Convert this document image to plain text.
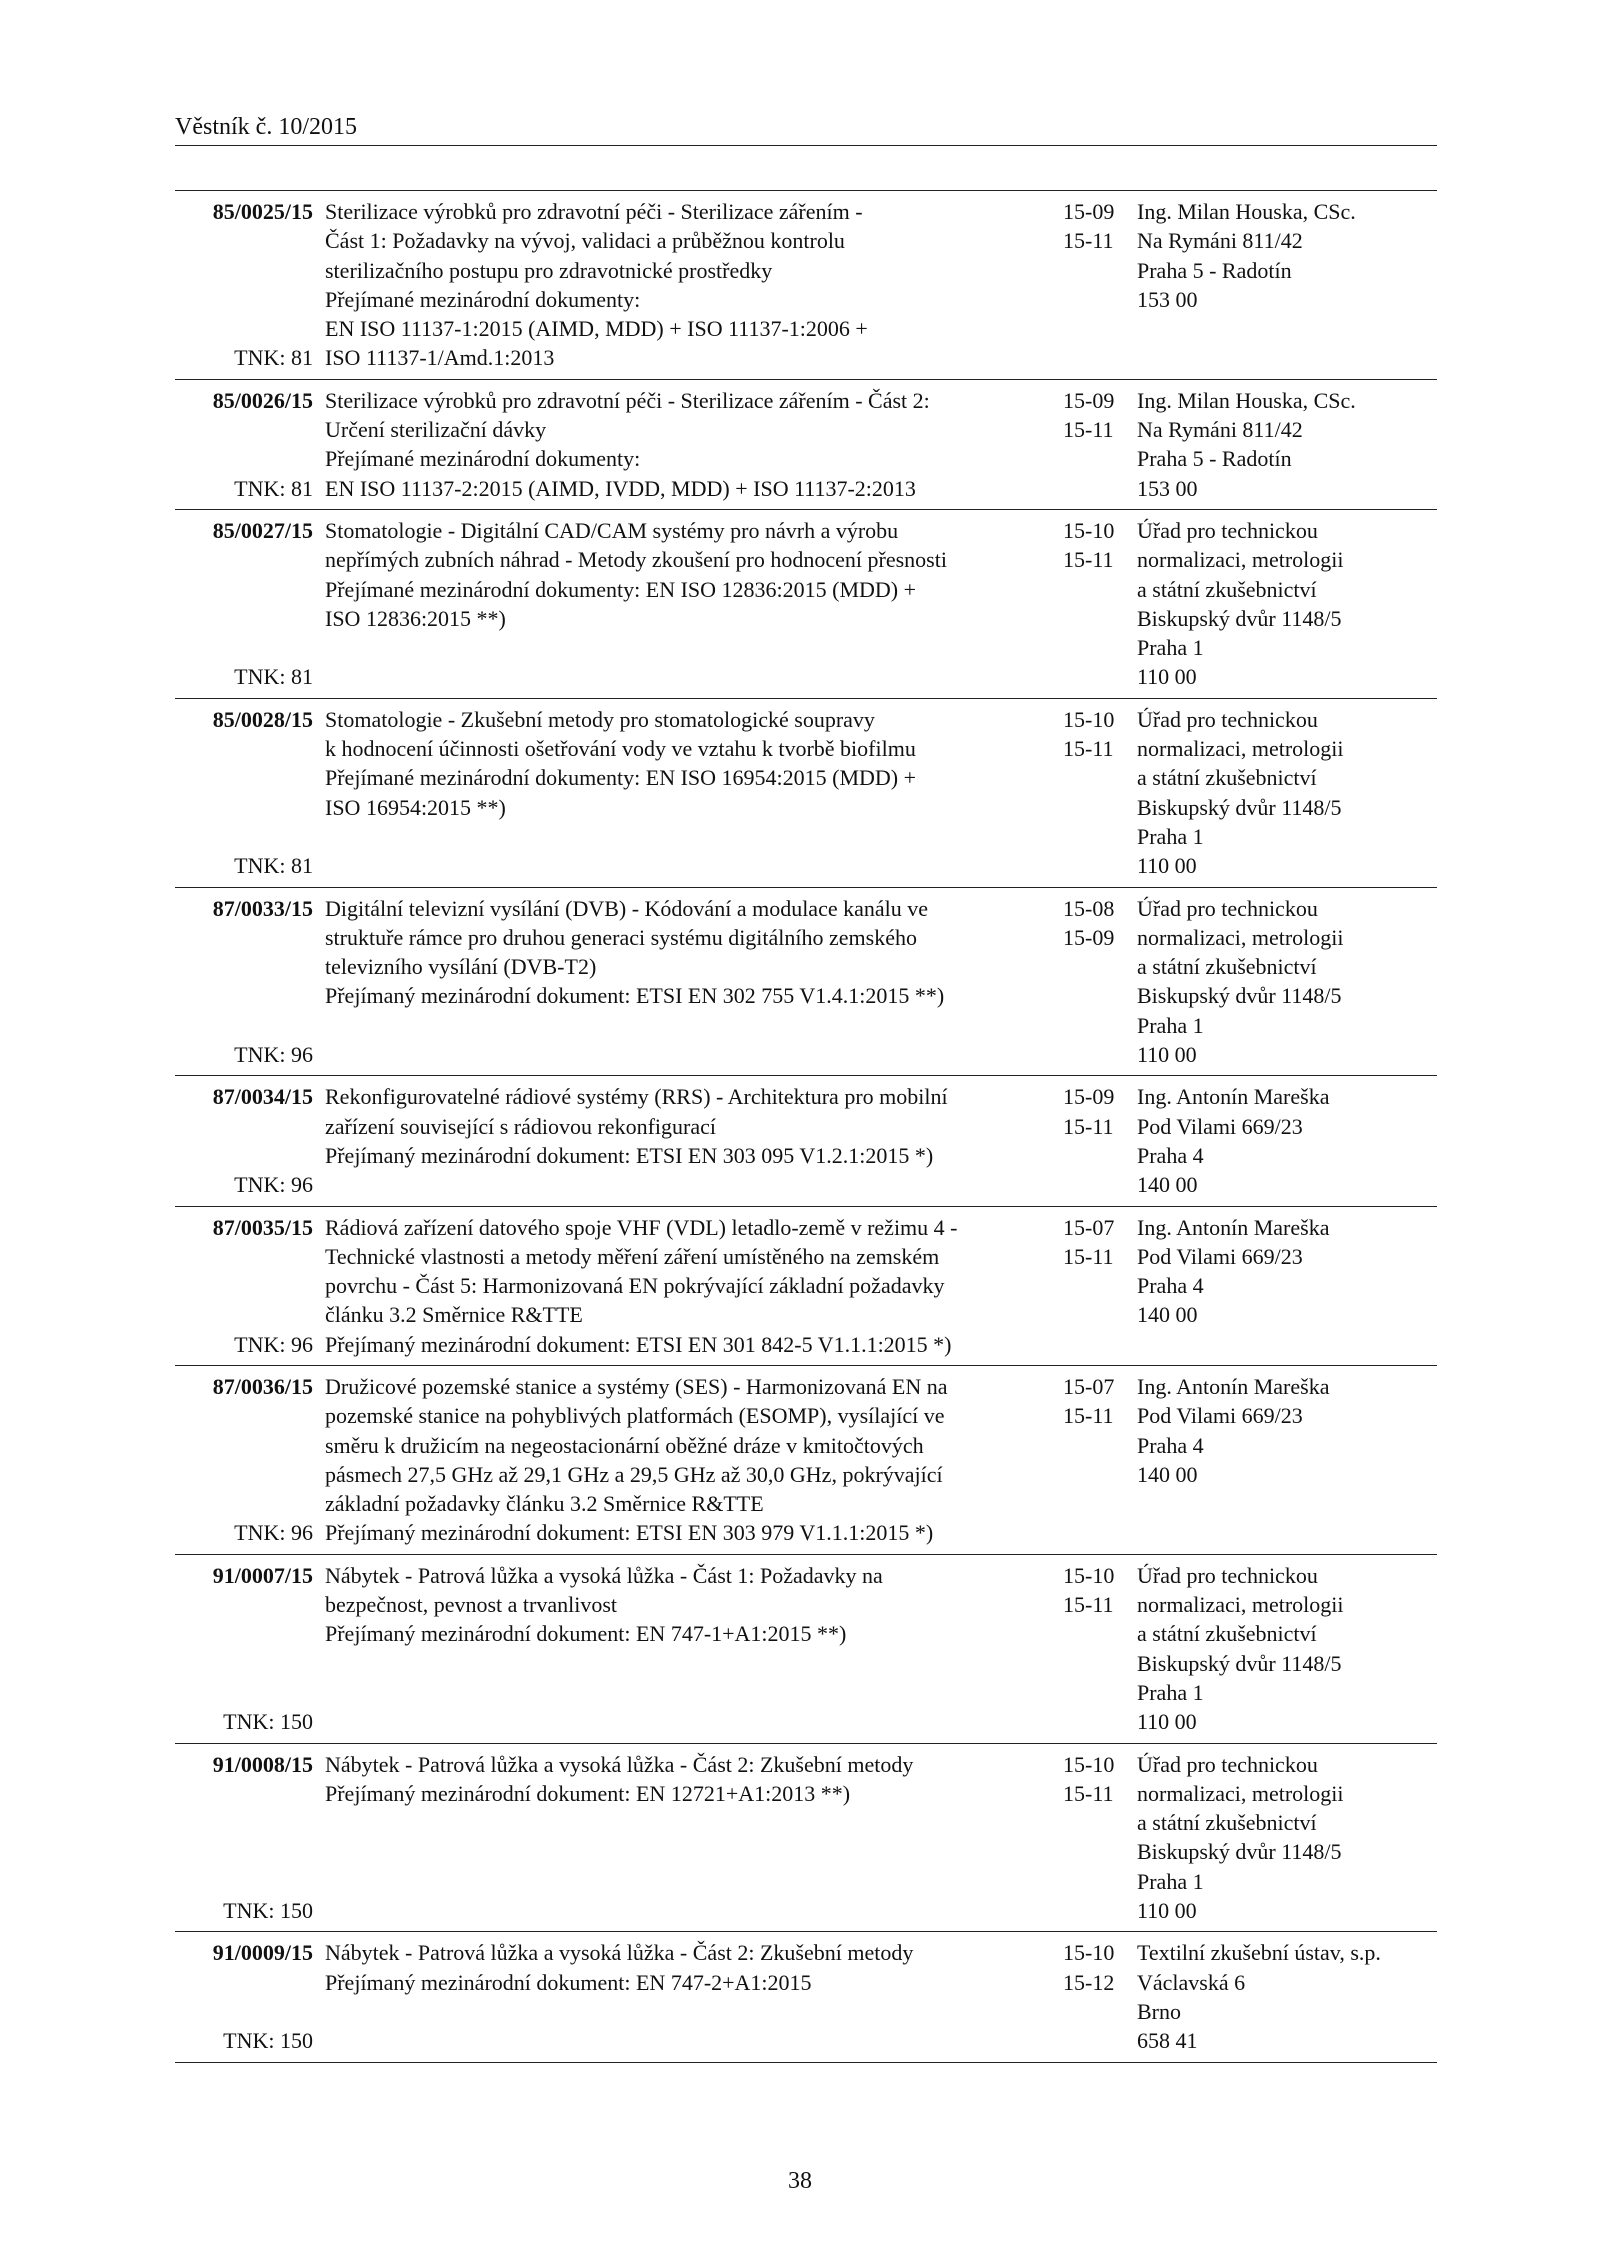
Věstník č. 10/2015
85/0025/15
TNK: 81
Sterilizace výrobků pro zdravotní péči - Sterilizace zářením -
Část 1: Požadavky na vývoj, validaci a průběžnou kontrolu
sterilizačního postupu pro zdravotnické prostředky
Přejímané mezinárodní dokumenty:
EN ISO 11137-1:2015 (AIMD, MDD) + ISO 11137-1:2006 +
ISO 11137-1/Amd.1:2013
15-09
15-11
Ing. Milan Houska, CSc.
Na Rymáni 811/42
Praha 5 - Radotín
153 00
85/0026/15
TNK: 81
Sterilizace výrobků pro zdravotní péči - Sterilizace zářením - Část 2:
Určení sterilizační dávky
Přejímané mezinárodní dokumenty:
EN ISO 11137-2:2015 (AIMD, IVDD, MDD) + ISO 11137-2:2013
15-09
15-11
Ing. Milan Houska, CSc.
Na Rymáni 811/42
Praha 5 - Radotín
153 00
85/0027/15
TNK: 81
Stomatologie - Digitální CAD/CAM systémy pro návrh a výrobu
nepřímých zubních náhrad - Metody zkoušení pro hodnocení přesnosti
Přejímané mezinárodní dokumenty: EN ISO 12836:2015 (MDD) +
ISO 12836:2015 **)
15-10
15-11
Úřad pro technickou
normalizaci, metrologii
a státní zkušebnictví
Biskupský dvůr 1148/5
Praha 1
110 00
85/0028/15
TNK: 81
Stomatologie - Zkušební metody pro stomatologické soupravy
k hodnocení účinnosti ošetřování vody ve vztahu k tvorbě biofilmu
Přejímané mezinárodní dokumenty: EN ISO 16954:2015 (MDD) +
ISO 16954:2015 **)
15-10
15-11
Úřad pro technickou
normalizaci, metrologii
a státní zkušebnictví
Biskupský dvůr 1148/5
Praha 1
110 00
87/0033/15
TNK: 96
Digitální televizní vysílání (DVB) - Kódování a modulace kanálu ve
struktuře rámce pro druhou generaci systému digitálního zemského
televizního vysílání (DVB-T2)
Přejímaný mezinárodní dokument: ETSI EN 302 755 V1.4.1:2015 **)
15-08
15-09
Úřad pro technickou
normalizaci, metrologii
a státní zkušebnictví
Biskupský dvůr 1148/5
Praha 1
110 00
87/0034/15
TNK: 96
Rekonfigurovatelné rádiové systémy (RRS) - Architektura pro mobilní
zařízení související s rádiovou rekonfigurací
Přejímaný mezinárodní dokument: ETSI EN 303 095 V1.2.1:2015 *)
15-09
15-11
Ing. Antonín Mareška
Pod Vilami 669/23
Praha 4
140 00
87/0035/15
TNK: 96
Rádiová zařízení datového spoje VHF (VDL) letadlo-země v režimu 4 -
Technické vlastnosti a metody měření záření umístěného na zemském
povrchu - Část 5: Harmonizovaná EN pokrývající základní požadavky
článku 3.2 Směrnice R&TTE
Přejímaný mezinárodní dokument: ETSI EN 301 842-5 V1.1.1:2015 *)
15-07
15-11
Ing. Antonín Mareška
Pod Vilami 669/23
Praha 4
140 00
87/0036/15
TNK: 96
Družicové pozemské stanice a systémy (SES) - Harmonizovaná EN na
pozemské stanice na pohyblivých platformách (ESOMP), vysílající ve
směru k družicím na negeostacionární oběžné dráze v kmitočtových
pásmech 27,5 GHz až 29,1 GHz a 29,5 GHz až 30,0 GHz, pokrývající
základní požadavky článku 3.2 Směrnice R&TTE
Přejímaný mezinárodní dokument: ETSI EN 303 979 V1.1.1:2015 *)
15-07
15-11
Ing. Antonín Mareška
Pod Vilami 669/23
Praha 4
140 00
91/0007/15
TNK: 150
Nábytek - Patrová lůžka a vysoká lůžka - Část 1: Požadavky na
bezpečnost, pevnost a trvanlivost
Přejímaný mezinárodní dokument: EN 747-1+A1:2015 **)
15-10
15-11
Úřad pro technickou
normalizaci, metrologii
a státní zkušebnictví
Biskupský dvůr 1148/5
Praha 1
110 00
91/0008/15
TNK: 150
Nábytek - Patrová lůžka a vysoká lůžka - Část 2: Zkušební metody
Přejímaný mezinárodní dokument: EN 12721+A1:2013 **)
15-10
15-11
Úřad pro technickou
normalizaci, metrologii
a státní zkušebnictví
Biskupský dvůr 1148/5
Praha 1
110 00
91/0009/15
TNK: 150
Nábytek - Patrová lůžka a vysoká lůžka - Část 2: Zkušební metody
Přejímaný mezinárodní dokument: EN 747-2+A1:2015
15-10
15-12
Textilní zkušební ústav, s.p.
Václavská 6
Brno
658 41
38
